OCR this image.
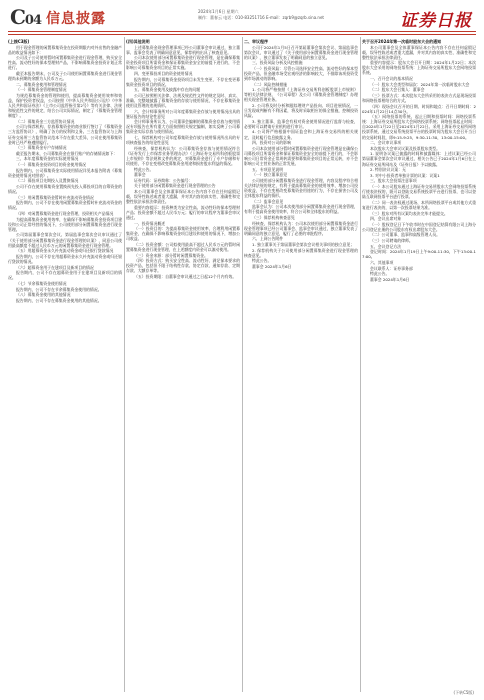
C04 信息披露	2024年1月6日 星期六
制作：董春云 电话：010-83251716 E-mail：zqrb9@zqrb.sina.net	证券日报
(上接C3版)

用于现金管理的闲置募集资金在投资期限内对外出售的金融产品的收益情况如下：

公司及子公司使用暂时闲置募集资金进行现金管理，购买安全性高、流动性好的保本型理财产品，不影响募集资金投资计划正常进行。

截至本报告期末，公司及子公司使用闲置募集资金进行现金管理尚未到期的余额为人民币万元。

二、募集资金使用和管理情况

（一）募集资金管理制度情况

为规范募集资金的管理和使用，提高募集资金使用效率和效益，保护投资者权益，公司按照《中华人民共和国公司法》《中华人民共和国证券法》《上市公司监管指引第2号》等有关法律、法规和规范性文件的规定，结合公司实际情况，制定了《募集资金管理制度》。

（二）募集资金三方监管协议情况

公司与保荐机构、存放募集资金的商业银行签订了《募集资金三方监管协议》，明确了各方的权利和义务。三方监管协议与上海证券交易所三方监管协议范本不存在重大差异，公司在使用募集资金时已经严格遵照履行。

（三）募集资金专户存储情况

截至报告期末，公司募集资金在银行账户的存储情况如下：

三、本年度募集资金的实际使用情况

（一）募集资金投资项目的资金使用情况

报告期内，公司募集资金实际使用情况详见本报告附表《募集资金使用情况对照表》。

（二）募投项目先期投入及置换情况

公司不存在使用募集资金置换预先投入募投项目的自筹资金的情况。

（三）用闲置募集资金暂时补充流动资金情况

报告期内，公司不存在使用闲置募集资金暂时补充流动资金的情况。

（四）对闲置募集资金进行现金管理，投资相关产品情况

为提高募集资金使用效率，在确保不影响募集资金投资项目建设和公司正常经营的情况下，公司使用部分闲置募集资金进行现金管理。

公司第届董事会第次会议、第届监事会第次会议审议通过了《关于使用部分闲置募集资金进行现金管理的议案》，同意公司使用最高额度不超过人民币万元的闲置募集资金进行现金管理。

（五）用超募资金永久补充流动资金或归还银行贷款情况

报告期内，公司不存在用超募资金永久补充流动资金或归还银行贷款的情况。

（六）超募资金用于在建项目及新项目的情况

报告期内，公司不存在超募资金用于在建项目及新项目的情况。

（七）节余募集资金使用情况

报告期内，公司不存在节余募集资金使用的情况。

（八）募集资金使用的其他情况

报告期内，公司不存在募集资金使用的其他情况。

(四)其他说明

上述募集资金现金管理事项已经公司董事会审议通过，独立董事、监事会发表了明确同意意见，保荐机构出具了核查意见。

公司本次使用部分闲置募集资金进行现金管理，是在确保募集资金投资项目所需资金和保证募集资金安全的前提下进行的，不会影响公司募集资金项目的正常实施。

四、变更募投项目的资金使用情况

报告期内，公司募集资金投资项目未发生变更，不存在变更募集资金投资项目的情况。

五、募集资金使用及披露中存在的问题

公司已按照相关法律、法规及规范性文件的规定及时、真实、准确、完整地披露了募集资金的存放与使用情况，不存在募集资金使用及管理的违规情形。

六、会计师事务所对公司年度募集资金存放与使用情况出具的鉴证报告的结论性意见

会计师事务所认为，公司董事会编制的募集资金存放与使用情况专项报告在所有重大方面按照相关规定编制，如实反映了公司募集资金实际存放与使用情况。

七、保荐机构对公司年度募集资金存放与使用情况所出具的专项核查报告的结论性意见

经核查，保荐机构认为：公司募集资金存放与使用情况符合《证券发行上市保荐业务管理办法》《上海证券交易所科创板股票上市规则》等法规和文件的规定，对募集资金进行了专户存储和专项使用，不存在变相改变募集资金用途和损害股东利益的情况。

特此公告。

董事会

证券代码：证券简称：公告编号：

关于使用部分闲置募集资金进行现金管理的公告

本公司董事会及全体董事保证本公告内容不存在任何虚假记载、误导性陈述或者重大遗漏，并对其内容的真实性、准确性和完整性依法承担法律责任。

重要内容提示：投资种类为安全性高、流动性好的保本型理财产品；投资金额不超过人民币万元；履行的审议程序为董事会审议通过。

一、投资情况概述

（一）投资目的：为提高募集资金使用效率，合理利用闲置募集资金，在确保不影响募集资金项目建设和使用的情况下，增加公司收益。

（二）投资金额：公司拟使用最高不超过人民币万元的暂时闲置募集资金进行现金管理，在上述额度内资金可以滚动使用。

（三）资金来源：部分暂时闲置募集资金。

（四）投资方式：购买安全性高、流动性好、满足保本要求的投资产品，包括但不限于结构性存款、协定存款、通知存款、定期存款、大额存单等。

（五）投资期限：自董事会审议通过之日起12个月内有效。

二、审议程序

公司于2024年1月5日召开第届董事会第次会议、第届监事会第次会议，审议通过了《关于使用部分闲置募集资金进行现金管理的议案》，独立董事发表了明确同意的独立意见。

三、投资风险分析及风控措施

（一）投资风险：尽管公司选择安全性高、流动性好的保本型投资产品，但金融市场受宏观经济的影响较大，不排除该项投资受到市场波动的影响。

（二）风险控制措施

1. 公司将严格按照《上海证券交易所科创板股票上市规则》等相关法律法规、《公司章程》及公司《募集资金管理制度》办理相关现金管理业务。

2. 公司将及时分析和跟踪理财产品投向、项目进展情况，一旦发现或判断有不利因素，将及时采取相应的保全措施，控制投资风险。

3. 独立董事、监事会有权对资金使用情况进行监督与检查，必要时可以聘请专业机构进行审计。

4. 公司将严格根据中国证监会和上海证券交易所的相关规定，及时履行信息披露义务。

四、投资对公司的影响

公司本次使用部分暂时闲置募集资金进行现金管理是在确保公司募投项目所需资金和保证募集资金安全的前提下进行的，不会影响公司日常资金正常周转需要和募集资金项目的正常运转，亦不会影响公司主营业务的正常发展。

五、专项意见说明

（一）独立董事意见

公司使用部分闲置募集资金进行现金管理，内容及程序符合相关法律法规的规定，有利于提高募集资金的使用效率，增加公司投资收益，不存在变相改变募集资金用途的行为，不存在损害公司及全体股东利益的情形。

（二）监事会意见

监事会认为：公司本次使用部分闲置募集资金进行现金管理，有利于提高资金使用效率，符合公司和全体股东的利益。

（三）保荐机构核查意见

经核查，保荐机构认为：公司本次使用部分闲置募集资金进行现金管理事项已经公司董事会、监事会审议通过，独立董事发表了明确同意的独立意见，履行了必要的审批程序。

六、上网公告附件

1. 独立董事关于第届董事会第次会议相关事项的独立意见；

2. 保荐机构关于公司使用部分闲置募集资金进行现金管理的核查意见。

特此公告。

董事会 2024年1月6日

关于召开2024年第一次临时股东大会的通知

本公司董事会及全体董事保证本公告内容不存在任何虚假记载、误导性陈述或者重大遗漏，并对其内容的真实性、准确性和完整性依法承担法律责任。

重要内容提示：股东大会召开日期：2024年1月22日；本次股东大会采用的网络投票系统：上海证券交易所股东大会网络投票系统。

一、召开会议的基本情况

（一）股东大会类型和届次：2024年第一次临时股东大会

（二）股东大会召集人：董事会

（三）投票方式：本次股东大会所采用的表决方式是现场投票和网络投票相结合的方式。

（四）现场会议召开的日期、时间和地点：召开日期时间：2024年1月22日14点30分。

（五）网络投票的系统、起止日期和投票时间：网络投票系统：上海证券交易所股东大会网络投票系统；网络投票起止时间：自2024年1月22日至2024年1月22日。采用上海证券交易所网络投票系统，通过交易系统投票平台的投票时间为股东大会召开当日的交易时间段，即9:15-9:25，9:30-11:30，13:00-15:00。

二、会议审议事项

本次股东大会审议议案及投票股东类型。

1. 说明各议案已披露的时间和披露媒体：上述议案已经公司第届董事会第次会议审议通过，相关公告已于2024年1月6日在上海证券交易所网站及《证券日报》予以披露。

2. 特别决议议案：无

3. 对中小投资者单独计票的议案：议案1

三、股东大会投票注意事项

（一）本公司股东通过上海证券交易所股东大会网络投票系统行使表决权的，既可以登陆交易系统投票平台进行投票，也可以登陆互联网投票平台进行投票。

（二）同一表决权通过现场、本所网络投票平台或其他方式重复进行表决的，以第一次投票结果为准。

（三）股东对所有议案均表决完毕才能提交。

四、会议出席对象

（一）股权登记日下午收市时在中国登记结算有限公司上海分公司登记在册的公司股东有权出席股东大会。

（二）公司董事、监事和高级管理人员。

（三）公司聘请的律师。

五、会议登记方法

登记时间：2024年1月19日上午9:00-11:30，下午13:00-17:00。

六、其他事项

会议联系人：证券事务部

特此公告。

董事会 2024年1月6日

(下转C5版)
